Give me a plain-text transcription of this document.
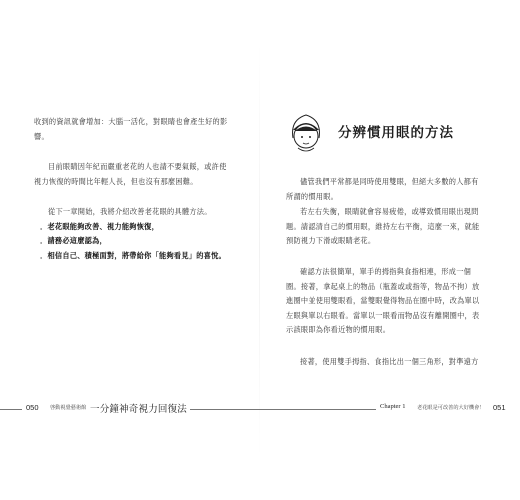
收到的資訊就會增加：大腦一活化，對眼睛也會產生好的影
響。
目前眼睛因年紀而嚴重老花的人也請不要氣餒，或許使
視力恢復的時間比年輕人長，但也沒有那麼困難。
從下一章開始，我將介紹改善老花眼的具體方法。
．老花眼能夠改善、視力能夠恢復，
．請務必這麼認為，
．相信自己、積極面對，將帶給你「能夠看見」的喜悅。
分辨慣用眼的方法
儘管我們平常都是同時使用雙眼，但絕大多數的人都有
所謂的慣用眼。
若左右失衡，眼睛就會容易疲倦，或導致慣用眼出現問
題。請認清自己的慣用眼，維持左右平衡，這麼一來，就能
預防視力下滑或眼睛老花。
確認方法很簡單，單手的拇指與食指相連，形成一個
圈。接著，拿起桌上的物品（瓶蓋或或指等，物品不拘）放
進圈中並使用雙眼看，當雙眼覺得物品在圈中時，改為單以
左眼與單以右眼看。當單以一眼看而物品沒有離開圈中，表
示該眼即為你看近物的慣用眼。
接著，使用雙手拇指、食指比出一個三角形，對準遠方
050 啓動視覺藝術館 一分鐘神奇視力回復法	Chapter 1 老花眼是可改善的大好機會！ 051
